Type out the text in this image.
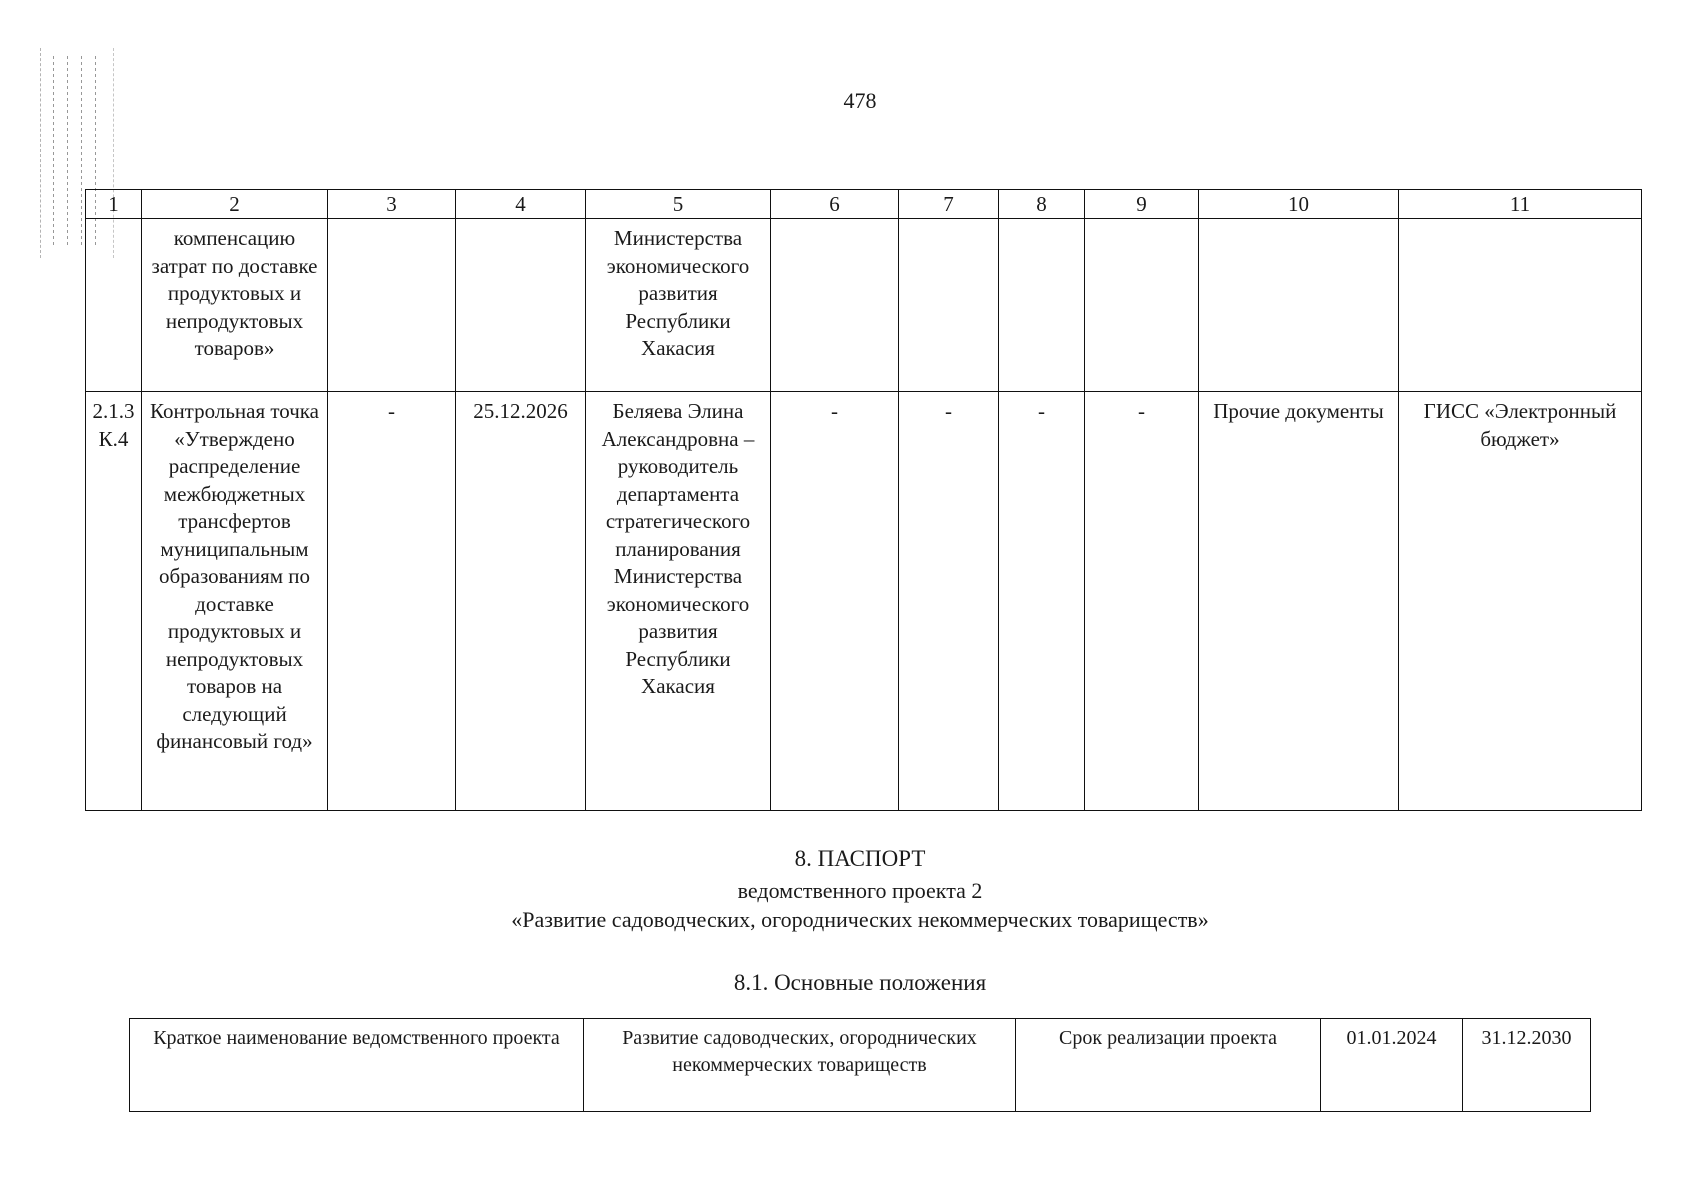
478
1	2	3	4	5	6	7	8	9	10	11
	компенсацию затрат по доставке продуктовых и непродуктовых товаров»			Министерства экономического развития Республики Хакасия						
2.1.3 К.4	Контрольная точка «Утверждено распределение межбюджетных трансфертов муниципальным образованиям по доставке продуктовых и непродуктовых товаров на следующий финансовый год»	-	25.12.2026	Беляева Элина Александровна – руководитель департамента стратегического планирования Министерства экономического развития Республики Хакасия	-	-	-	-	Прочие документы	ГИСС «Электронный бюджет»
8. ПАСПОРТ
ведомственного проекта 2
«Развитие садоводческих, огороднических некоммерческих товариществ»
8.1. Основные положения
Краткое наименование ведомственного проекта	Развитие садоводческих, огороднических некоммерческих товариществ	Срок реализации проекта	01.01.2024	31.12.2030
